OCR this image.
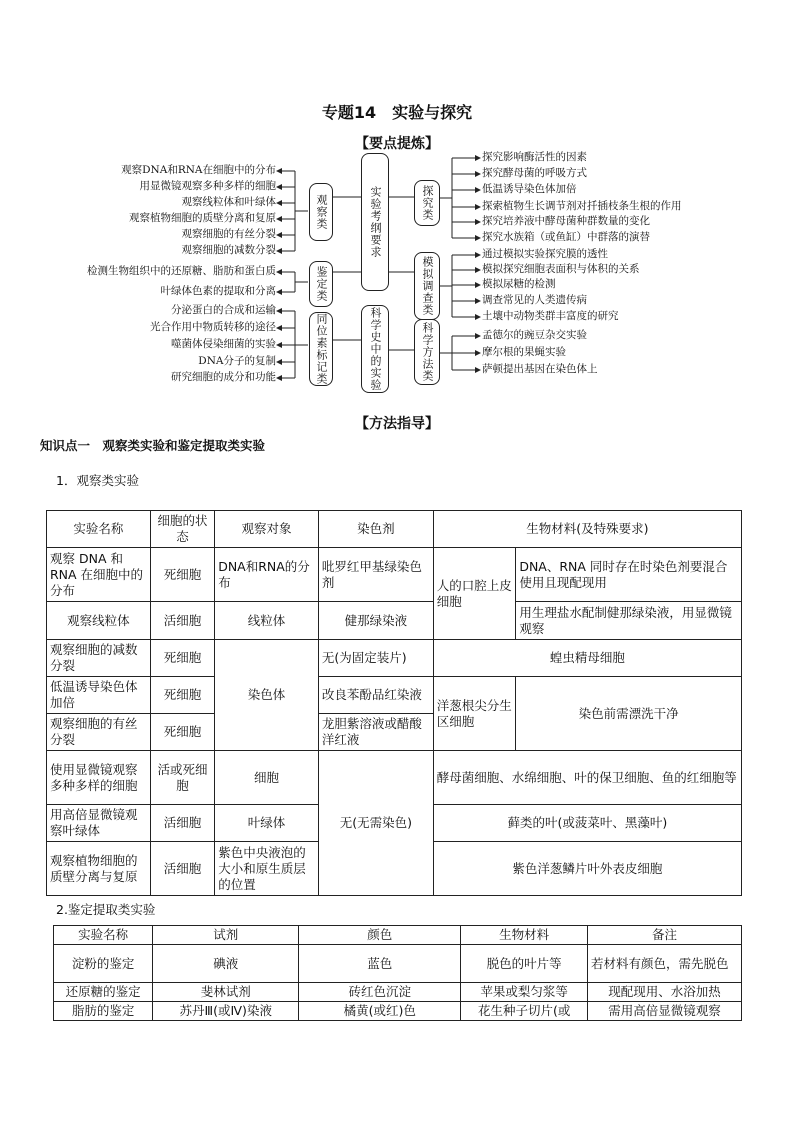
专题14　实验与探究
【要点提炼】
实验考纲要求
科学史中的实验
观察类
鉴定类
同位素标记类
探究类
模拟调查类
科学方法类
观察DNA和RNA在细胞中的分布
用显微镜观察多种多样的细胞
观察线粒体和叶绿体
观察植物细胞的质壁分离和复原
观察细胞的有丝分裂
观察细胞的减数分裂
检测生物组织中的还原糖、脂肪和蛋白质
叶绿体色素的提取和分离
分泌蛋白的合成和运输
光合作用中物质转移的途径
噬菌体侵染细菌的实验
DNA分子的复制
研究细胞的成分和功能
探究影响酶活性的因素
探究酵母菌的呼吸方式
低温诱导染色体加倍
探索植物生长调节剂对扦插枝条生根的作用
探究培养液中酵母菌种群数量的变化
探究水族箱（或鱼缸）中群落的演替
通过模拟实验探究膜的透性
模拟探究细胞表面积与体积的关系
模拟尿糖的检测
调查常见的人类遗传病
土壤中动物类群丰富度的研究
孟德尔的豌豆杂交实验
摩尔根的果蝇实验
萨顿提出基因在染色体上
【方法指导】
知识点一　观察类实验和鉴定提取类实验
1．观察类实验
实验名称	细胞的状态	观察对象	染色剂	生物材料(及特殊要求)	
观察 DNA 和 RNA 在细胞中的分布	死细胞	DNA和RNA的分布	吡罗红甲基绿染色剂	人的口腔上皮细胞	DNA、RNA 同时存在时染色剂要混合使用且现配现用
观察线粒体	活细胞	线粒体	健那绿染液		用生理盐水配制健那绿染液，用显微镜观察
观察细胞的减数分裂	死细胞	染色体	无(为固定装片)	蝗虫精母细胞	
低温诱导染色体加倍	死细胞		改良苯酚品红染液	洋葱根尖分生区细胞	染色前需漂洗干净
观察细胞的有丝分裂	死细胞		龙胆紫溶液或醋酸洋红液		
使用显微镜观察多种多样的细胞	活或死细胞	细胞	无(无需染色)	酵母菌细胞、水绵细胞、叶的保卫细胞、鱼的红细胞等	
用高倍显微镜观察叶绿体	活细胞	叶绿体		藓类的叶(或菠菜叶、黑藻叶)	
观察植物细胞的质壁分离与复原	活细胞	紫色中央液泡的大小和原生质层的位置		紫色洋葱鳞片叶外表皮细胞	
2.鉴定提取类实验
实验名称	试剂	颜色	生物材料	备注
淀粉的鉴定	碘液	蓝色	脱色的叶片等	若材料有颜色，需先脱色
还原糖的鉴定	斐林试剂	砖红色沉淀	苹果或梨匀浆等	现配现用、水浴加热
脂肪的鉴定	苏丹Ⅲ(或Ⅳ)染液	橘黄(或红)色	花生种子切片(或	需用高倍显微镜观察
